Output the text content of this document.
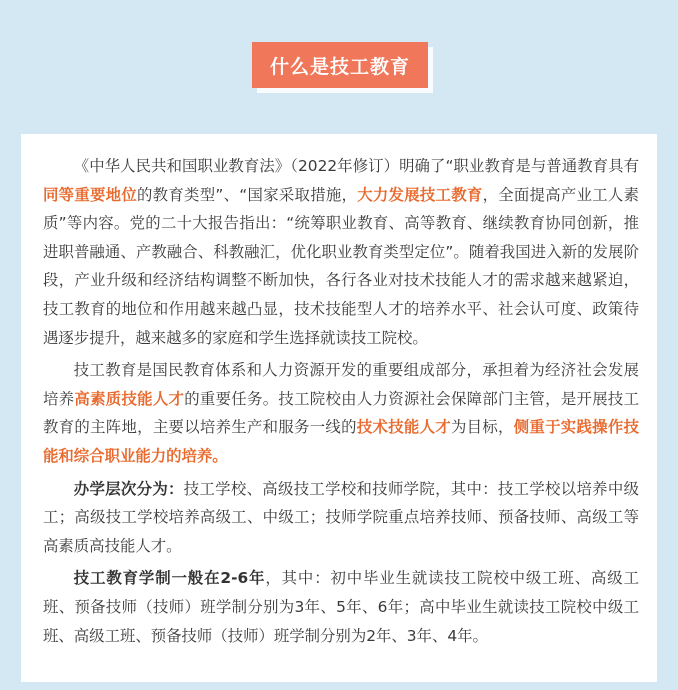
什么是技工教育

《中华人民共和国职业教育法》（2022年修订）明确了“职业教育是与普通教育具有同等重要地位的教育类型”、“国家采取措施，大力发展技工教育，全面提高产业工人素质”等内容。党的二十大报告指出：“统筹职业教育、高等教育、继续教育协同创新，推进职普融通、产教融合、科教融汇，优化职业教育类型定位”。随着我国进入新的发展阶段，产业升级和经济结构调整不断加快，各行各业对技术技能人才的需求越来越紧迫，技工教育的地位和作用越来越凸显，技术技能型人才的培养水平、社会认可度、政策待遇逐步提升，越来越多的家庭和学生选择就读技工院校。

技工教育是国民教育体系和人力资源开发的重要组成部分，承担着为经济社会发展培养高素质技能人才的重要任务。技工院校由人力资源社会保障部门主管，是开展技工教育的主阵地，主要以培养生产和服务一线的技术技能人才为目标，侧重于实践操作技能和综合职业能力的培养。

办学层次分为：技工学校、高级技工学校和技师学院，其中：技工学校以培养中级工；高级技工学校培养高级工、中级工；技师学院重点培养技师、预备技师、高级工等高素质高技能人才。

技工教育学制一般在2-6年，其中：初中毕业生就读技工院校中级工班、高级工班、预备技师（技师）班学制分别为3年、5年、6年；高中毕业生就读技工院校中级工班、高级工班、预备技师（技师）班学制分别为2年、3年、4年。
